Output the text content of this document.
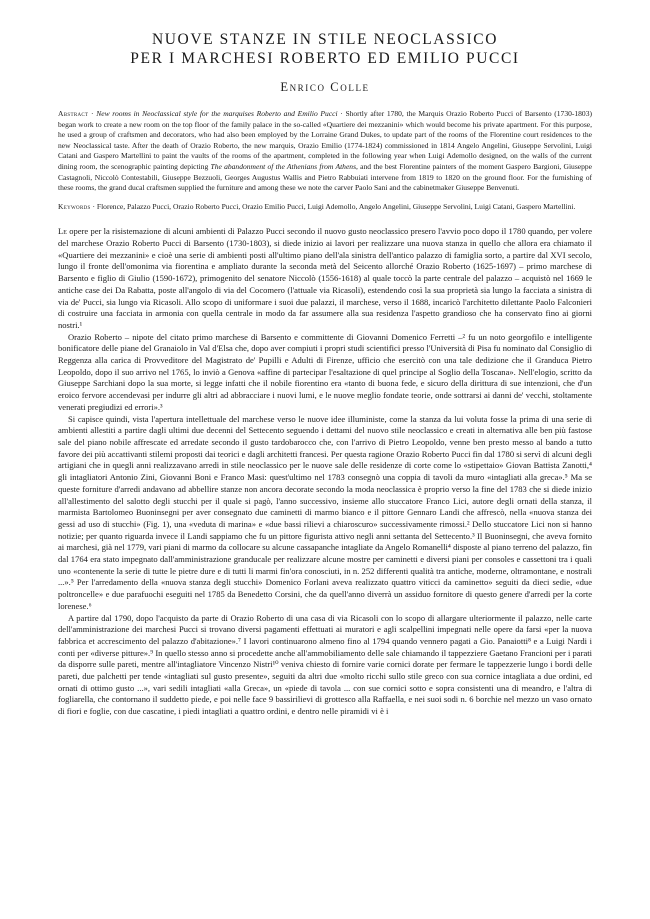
NUOVE STANZE IN STILE NEOCLASSICO
PER I MARCHESI ROBERTO ED EMILIO PUCCI
Enrico Colle

Abstract · New rooms in Neoclassical style for the marquises Roberto and Emilio Pucci · Shortly after 1780, the Marquis Orazio Roberto Pucci of Barsento (1730-1803) began work to create a new room on the top floor of the family palace in the so-called «Quartiere dei mezzanini» which would become his private apartment. For this purpose, he used a group of craftsmen and decorators, who had also been employed by the Lorraine Grand Dukes, to update part of the rooms of the Florentine court residences to the new Neoclassical taste. After the death of Orazio Roberto, the new marquis, Orazio Emilio (1774-1824) commissioned in 1814 Angelo Angelini, Giuseppe Servolini, Luigi Catani and Gaspero Martellini to paint the vaults of the rooms of the apartment, completed in the following year when Luigi Ademollo designed, on the walls of the current dining room, the scenographic painting depicting The abandonment of the Athenians from Athens, and the best Florentine painters of the moment Gaspero Bargioni, Giuseppe Castagnoli, Niccolò Contestabili, Giuseppe Bezzuoli, Georges Augustus Wallis and Pietro Rabbuiati intervene from 1819 to 1820 on the ground floor. For the furnishing of these rooms, the grand ducal craftsmen supplied the furniture and among these we note the carver Paolo Sani and the cabinetmaker Giuseppe Benvenuti.

Keywords · Florence, Palazzo Pucci, Orazio Roberto Pucci, Orazio Emilio Pucci, Luigi Ademollo, Angelo Angelini, Giuseppe Servolini, Luigi Catani, Gaspero Martellini.

Le opere per la risistemazione di alcuni ambienti di Palazzo Pucci secondo il nuovo gusto neoclassico presero l'avvio poco dopo il 1780 quando, per volere del marchese Orazio Roberto Pucci di Barsento (1730-1803), si diede inizio ai lavori per realizzare una nuova stanza in quello che allora era chiamato il «Quartiere dei mezzanini» e cioè una serie di ambienti posti all'ultimo piano dell'ala sinistra dell'antico palazzo di famiglia sorto, a partire dal XVI secolo, lungo il fronte dell'omonima via fiorentina e ampliato durante la seconda metà del Seicento allorché Orazio Roberto (1625-1697) – primo marchese di Barsento e figlio di Giulio (1590-1672), primogenito del senatore Niccolò (1556-1618) al quale toccò la parte centrale del palazzo – acquistò nel 1669 le antiche case dei Da Rabatta, poste all'angolo di via del Cocomero (l'attuale via Ricasoli), estendendo così la sua proprietà sia lungo la facciata a sinistra di via de' Pucci, sia lungo via Ricasoli. Allo scopo di uniformare i suoi due palazzi, il marchese, verso il 1688, incaricò l'architetto dilettante Paolo Falconieri di costruire una facciata in armonia con quella centrale in modo da far assumere alla sua residenza l'aspetto grandioso che ha conservato fino ai giorni nostri.¹

Orazio Roberto – nipote del citato primo marchese di Barsento e committente di Giovanni Domenico Ferretti –² fu un noto georgofilo e intelligente bonificatore delle piane del Granaiolo in Val d'Elsa che, dopo aver compiuti i propri studi scientifici presso l'Università di Pisa fu nominato dal Consiglio di Reggenza alla carica di Provveditore del Magistrato de' Pupilli e Adulti di Firenze, ufficio che esercitò con una tale dedizione che il Granduca Pietro Leopoldo, dopo il suo arrivo nel 1765, lo inviò a Genova «affine di partecipar l'esaltazione di quel principe al Soglio della Toscana». Nell'elogio, scritto da Giuseppe Sarchiani dopo la sua morte, si legge infatti che il nobile fiorentino era «tanto di buona fede, e sicuro della dirittura di sue intenzioni, che d'un eroico fervore accendevasi per indurre gli altri ad abbracciare i nuovi lumi, e le nuove meglio fondate teorie, onde sottrarsi ai danni de' vecchi, stoltamente venerati pregiudizi ed errori».³

Si capisce quindi, vista l'apertura intellettuale del marchese verso le nuove idee illuministe, come la stanza da lui voluta fosse la prima di una serie di ambienti allestiti a partire dagli ultimi due decenni del Settecento seguendo i dettami del nuovo stile neoclassico e creati in alternativa alle ben più fastose sale del piano nobile affrescate ed arredate secondo il gusto tardobarocco che, con l'arrivo di Pietro Leopoldo, venne ben presto messo al bando a tutto favore dei più accattivanti stilemi proposti dai teorici e dagli architetti francesi. Per questa ragione Orazio Roberto Pucci fin dal 1780 si servì di alcuni degli artigiani che in quegli anni realizzavano arredi in stile neoclassico per le nuove sale delle residenze di corte come lo «stipettaio» Giovan Battista Zanotti,⁴ gli intagliatori Antonio Zini, Giovanni Boni e Franco Masi: quest'ultimo nel 1783 consegnò una coppia di tavoli da muro «intagliati alla greca».⁵ Ma se queste forniture d'arredi andavano ad abbellire stanze non ancora decorate secondo la moda neoclassica è proprio verso la fine del 1783 che si diede inizio all'allestimento del salotto degli stucchi per il quale si pagò, l'anno successivo, insieme allo stuccatore Franco Lici, autore degli ornati della stanza, il marmista Bartolomeo Buoninsegni per aver consegnato due caminetti di marmo bianco e il pittore Gennaro Landi che affrescò, nella «nuova stanza dei gessi ad uso di stucchi» (Fig. 1), una «veduta di marina» e «due bassi rilievi a chiaroscuro» successivamente rimossi.² Dello stuccatore Lici non si hanno notizie; per quanto riguarda invece il Landi sappiamo che fu un pittore figurista attivo negli anni settanta del Settecento.³ Il Buoninsegni, che aveva fornito ai marchesi, già nel 1779, vari piani di marmo da collocare su alcune cassapanche intagliate da Angelo Romanelli⁴ disposte al piano terreno del palazzo, fin dal 1764 era stato impegnato dall'amministrazione granducale per realizzare alcune mostre per caminetti e diversi piani per consoles e cassettoni tra i quali uno «contenente la serie di tutte le pietre dure e di tutti li marmi fin'ora conosciuti, in n. 252 differenti qualità tra antiche, moderne, oltramontane, e nostrali ...».⁵ Per l'arredamento della «nuova stanza degli stucchi» Domenico Forlani aveva realizzato quattro viticci da caminetto» seguiti da dieci sedie, «due poltroncelle» e due parafuochi eseguiti nel 1785 da Benedetto Corsini, che da quell'anno diverrà un assiduo fornitore di questo genere d'arredi per la corte lorenese.⁶

A partire dal 1790, dopo l'acquisto da parte di Orazio Roberto di una casa di via Ricasoli con lo scopo di allargare ulteriormente il palazzo, nelle carte dell'amministrazione dei marchesi Pucci si trovano diversi pagamenti effettuati ai muratori e agli scalpellini impegnati nelle opere da farsi «per la nuova fabbrica et accrescimento del palazzo d'abitazione».⁷ I lavori continuarono almeno fino al 1794 quando vennero pagati a Gio. Panaiotti⁸ e a Luigi Nardi i conti per «diverse pitture».⁹ In quello stesso anno si procedette anche all'ammobiliamento delle sale chiamando il tappezziere Gaetano Francioni per i parati da disporre sulle pareti, mentre all'intagliatore Vincenzo Nistri¹⁰ veniva chiesto di fornire varie cornici dorate per fermare le tappezzerie lungo i bordi delle pareti, due palchetti per tende «intagliati sul gusto presente», seguiti da altri due «molto ricchi sullo stile greco con sua cornice intagliata a due ordini, ed ornati di ottimo gusto ...», vari sedili intagliati «alla Greca», un «piede di tavola ... con sue cornici sotto e sopra consistenti una di meandro, e l'altra di fogliarella, che contornano il suddetto piede, e poi nelle face 9 bassirilievi di grottesco alla Raffaella, e nei suoi sodi n. 6 borchie nel mezzo un vaso ornato di fiori e foglie, con due cascatine, i piedi intagliati a quattro ordini, e dentro nelle piramidi vi è i
